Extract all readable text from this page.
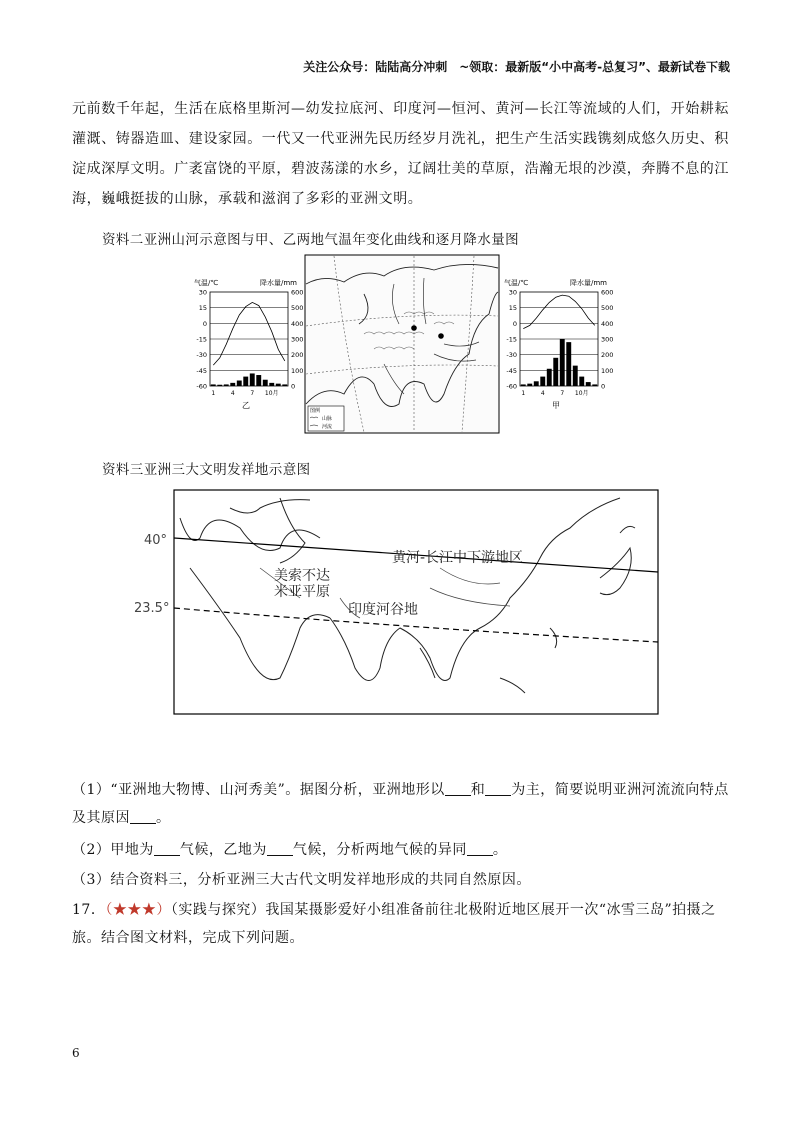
关注公众号：陆陆高分冲刺　~领取：最新版“小中高考-总复习”、最新试卷下载
元前数千年起，生活在底格里斯河—幼发拉底河、印度河—恒河、黄河—长江等流域的人们，开始耕耘灌溉、铸器造皿、建设家园。一代又一代亚洲先民历经岁月洗礼，把生产生活实践镌刻成悠久历史、积淀成深厚文明。广袤富饶的平原，碧波荡漾的水乡，辽阔壮美的草原，浩瀚无垠的沙漠，奔腾不息的江海，巍峨挺拔的山脉，承载和滋润了多彩的亚洲文明。
资料二亚洲山河示意图与甲、乙两地气温年变化曲线和逐月降水量图
气温/℃	降水量/mm
30	600
15	500
0	400
-15	300
-30	200
-45	100
-60	0
1	4	7 10月
乙
图例
山脉
河流
气温/℃	降水量/mm
30	600
15	500
0	400
-15	300
-30	200
-45	100
-60	0
1	4	7 10月
甲
资料三亚洲三大文明发祥地示意图
40°
23.5°
黄河-长江中下游地区
美索不达
米亚平原
印度河谷地
（1）“亚洲地大物博、山河秀美”。据图分析，亚洲地形以 和 为主，简要说明亚洲河流流向特点及其原因 。
（2）甲地为 气候，乙地为 气候，分析两地气候的异同 。
（3）结合资料三，分析亚洲三大古代文明发祥地形成的共同自然原因。
17．（★★★）（实践与探究）我国某摄影爱好小组准备前往北极附近地区展开一次“冰雪三岛”拍摄之旅。结合图文材料，完成下列问题。
6
